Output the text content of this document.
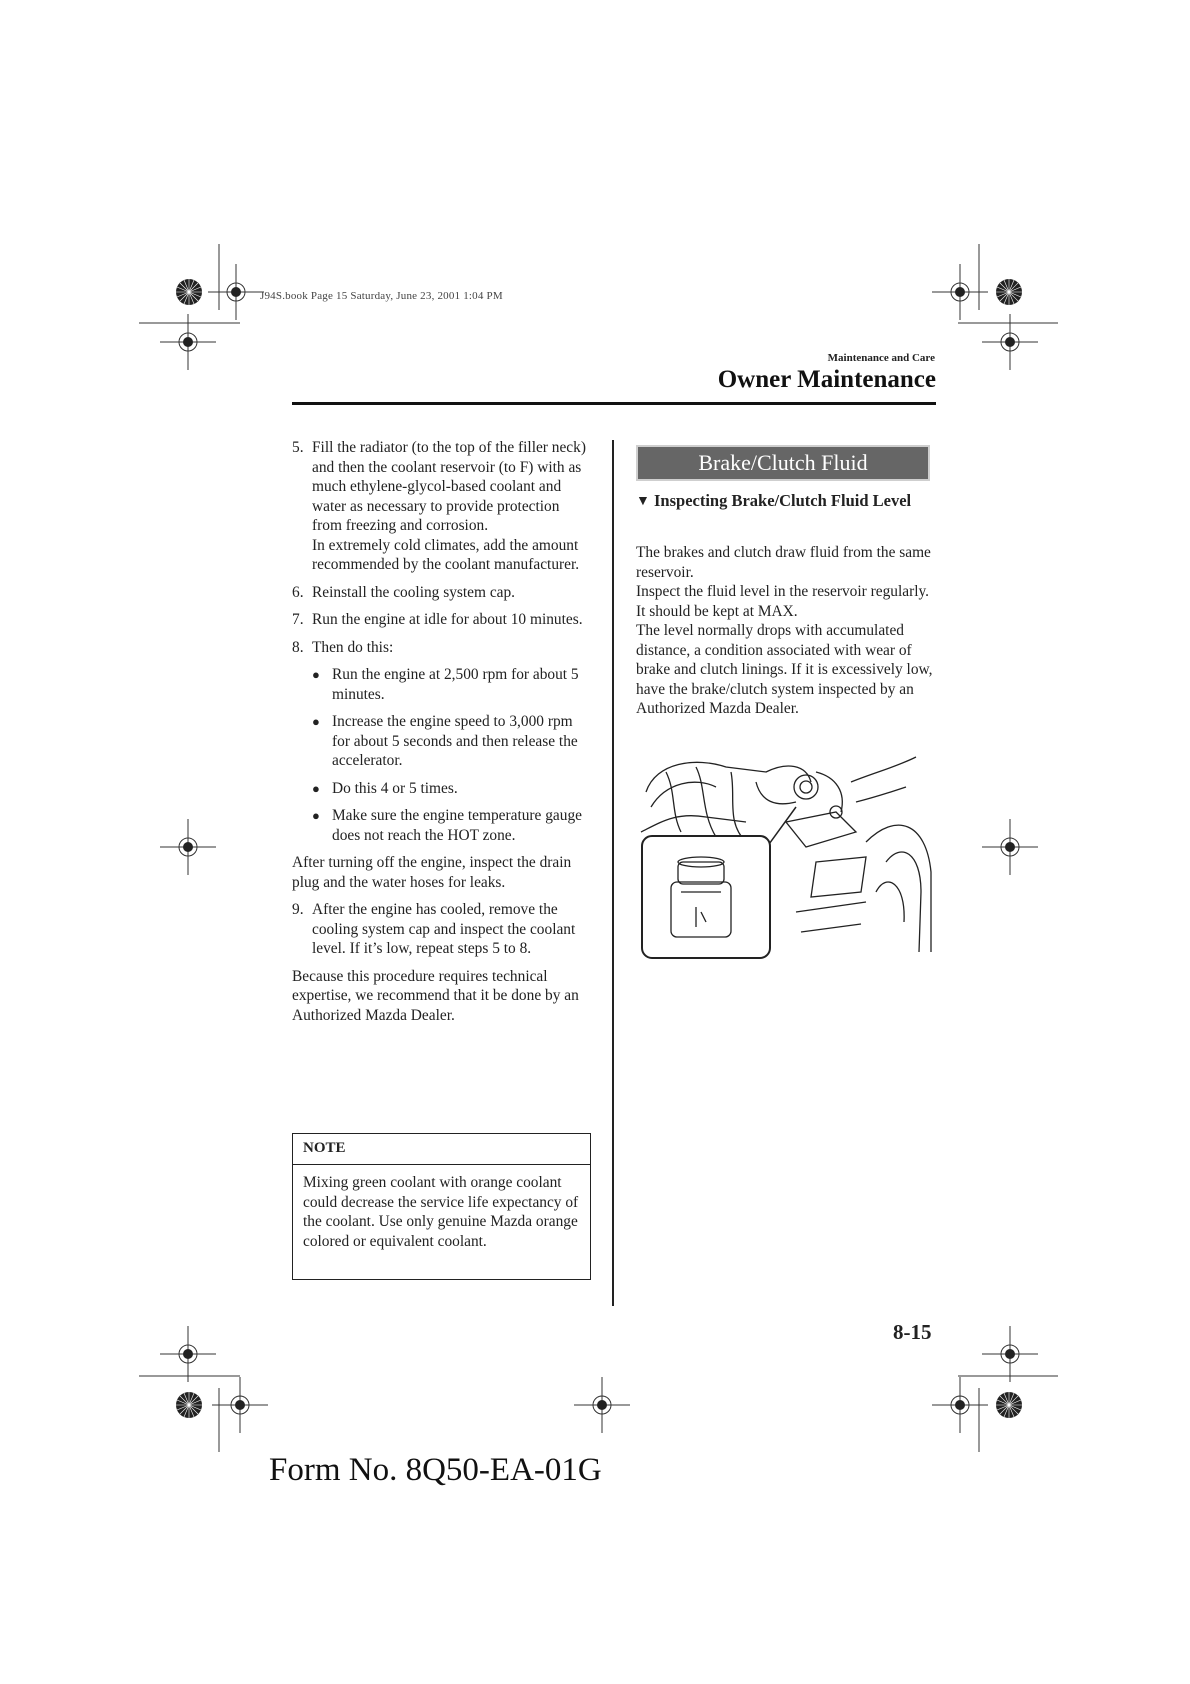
J94S.book Page 15 Saturday, June 23, 2001 1:04 PM
Maintenance and Care
Owner Maintenance
5. Fill the radiator (to the top of the filler neck) and then the coolant reservoir (to F) with as much ethylene-glycol-based coolant and water as necessary to provide protection from freezing and corrosion.

In extremely cold climates, add the amount recommended by the coolant manufacturer.

6. Reinstall the cooling system cap.

7. Run the engine at idle for about 10 minutes.

8. Then do this:

● Run the engine at 2,500 rpm for about 5 minutes.
● Increase the engine speed to 3,000 rpm for about 5 seconds and then release the accelerator.
● Do this 4 or 5 times.
● Make sure the engine temperature gauge does not reach the HOT zone.

After turning off the engine, inspect the drain plug and the water hoses for leaks.

9. After the engine has cooled, remove the cooling system cap and inspect the coolant level. If it’s low, repeat steps 5 to 8.

Because this procedure requires technical expertise, we recommend that it be done by an Authorized Mazda Dealer.

NOTE
Mixing green coolant with orange coolant could decrease the service life expectancy of the coolant. Use only genuine Mazda orange colored or equivalent coolant.
Brake/Clutch Fluid
▼ Inspecting Brake/Clutch Fluid Level

The brakes and clutch draw fluid from the same reservoir.

Inspect the fluid level in the reservoir regularly. It should be kept at MAX.

The level normally drops with accumulated distance, a condition associated with wear of brake and clutch linings. If it is excessively low, have the brake/clutch system inspected by an Authorized Mazda Dealer.

8-15
Form No. 8Q50-EA-01G
